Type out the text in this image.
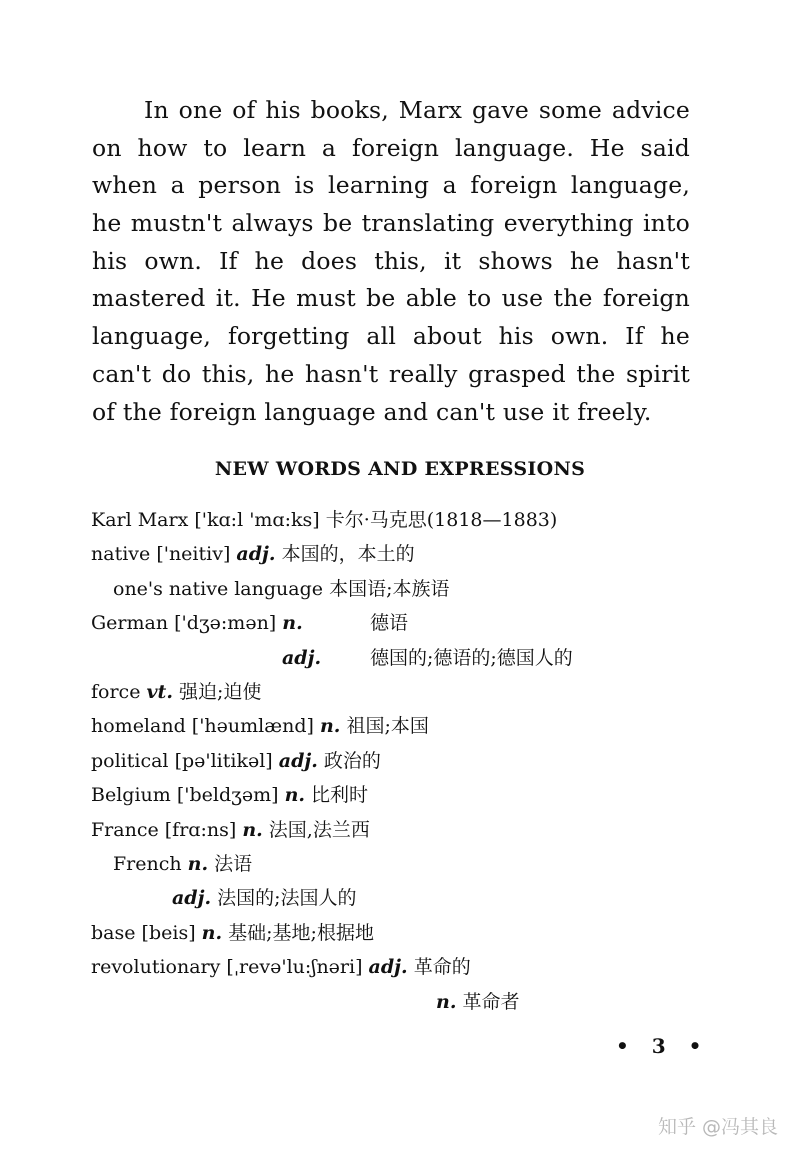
In one of his books, Marx gave some advice
on how to learn a foreign language. He said
when a person is learning a foreign language,
he mustn't always be translating everything into
his own. If he does this, it shows he hasn't
mastered it. He must be able to use the foreign
language, forgetting all about his own. If he
can't do this, he hasn't really grasped the spirit
of the foreign language and can't use it freely.
NEW WORDS AND EXPRESSIONS
Karl Marx ['kɑ:l 'mɑ:ks] 卡尔·马克思(1818—1883)
native ['neitiv] adj. 本国的，本土的
one's native language 本国语;本族语
German ['dʒə:mən] n.	德语
adj.	德国的;德语的;德国人的
force vt. 强迫;迫使
homeland ['həumlænd] n. 祖国;本国
political [pə'litikəl] adj. 政治的
Belgium ['beldʒəm] n. 比利时
France [frɑ:ns] n. 法国,法兰西
French n. 法语
adj. 法国的;法国人的
base [beis] n. 基础;基地;根据地
revolutionary [ˌrevə'lu:ʃnəri] adj. 革命的
n. 革命者
• 3 •
知乎 @冯其良
